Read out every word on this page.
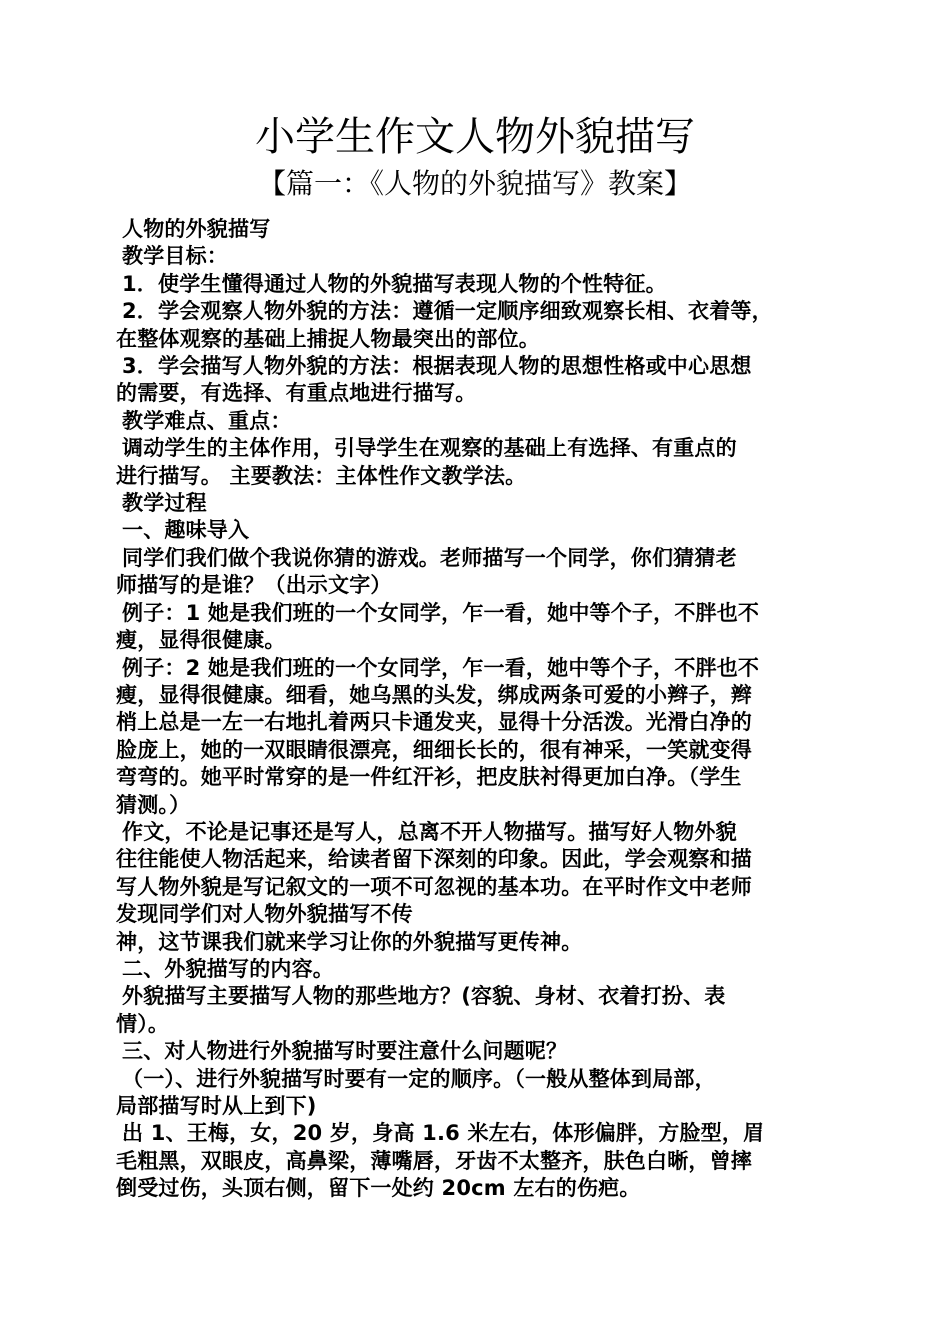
小学生作文人物外貌描写
【篇一：《人物的外貌描写》教案】
人物的外貌描写
教学目标：
1．使学生懂得通过人物的外貌描写表现人物的个性特征。
2．学会观察人物外貌的方法：遵循一定顺序细致观察长相、衣着等，
在整体观察的基础上捕捉人物最突出的部位。
3．学会描写人物外貌的方法：根据表现人物的思想性格或中心思想
的需要，有选择、有重点地进行描写。
教学难点、重点：
调动学生的主体作用，引导学生在观察的基础上有选择、有重点的
进行描写。 主要教法：主体性作文教学法。
教学过程
一、趣味导入
同学们我们做个我说你猜的游戏。老师描写一个同学，你们猜猜老
师描写的是谁？（出示文字）
例子：1 她是我们班的一个女同学，乍一看，她中等个子，不胖也不
瘦，显得很健康。
例子：2 她是我们班的一个女同学，乍一看，她中等个子，不胖也不
瘦，显得很健康。细看，她乌黑的头发，绑成两条可爱的小辫子，辫
梢上总是一左一右地扎着两只卡通发夹，显得十分活泼。光滑白净的
脸庞上，她的一双眼睛很漂亮，细细长长的，很有神采，一笑就变得
弯弯的。她平时常穿的是一件红汗衫，把皮肤衬得更加白净。（学生
猜测。）
作文，不论是记事还是写人，总离不开人物描写。描写好人物外貌
往往能使人物活起来，给读者留下深刻的印象。因此，学会观察和描
写人物外貌是写记叙文的一项不可忽视的基本功。在平时作文中老师
发现同学们对人物外貌描写不传
神，这节课我们就来学习让你的外貌描写更传神。
二、外貌描写的内容。
外貌描写主要描写人物的那些地方？(容貌、身材、衣着打扮、表
情）。
三、对人物进行外貌描写时要注意什么问题呢？
（一）、进行外貌描写时要有一定的顺序。（一般从整体到局部，
局部描写时从上到下)
出 1、王梅，女，20 岁，身高 1.6 米左右，体形偏胖，方脸型，眉
毛粗黑，双眼皮，高鼻梁，薄嘴唇，牙齿不太整齐，肤色白晰，曾摔
倒受过伤，头顶右侧，留下一处约 20cm 左右的伤疤。
